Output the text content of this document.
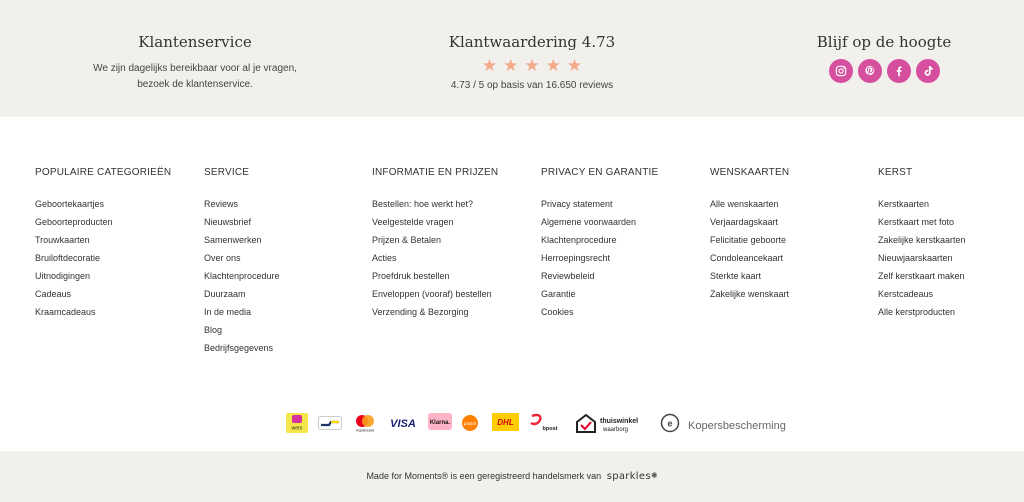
Klantenservice

We zijn dagelijks bereikbaar voor al je vragen,

bezoek de klantenservice.

Klantwaardering 4.73
★ ★ ★ ★ ★

4.73 / 5 op basis van 16.650 reviews

Blijf op de hoogte
POPULAIRE CATEGORIEËN
Geboortekaartjes
Geboorteproducten
Trouwkaarten
Bruiloftdecoratie
Uitnodigingen
Cadeaus
Kraamcadeaus
SERVICE
Reviews
Nieuwsbrief
Samenwerken
Over ons
Klachtenprocedure
Duurzaam
In de media
Blog
Bedrijfsgegevens
INFORMATIE EN PRIJZEN
Bestellen: hoe werkt het?
Veelgestelde vragen
Prijzen & Betalen
Acties
Proefdruk bestellen
Enveloppen (vooraf) bestellen
Verzending & Bezorging
PRIVACY EN GARANTIE
Privacy statement
Algemene voorwaarden
Klachtenprocedure
Herroepingsrecht
Reviewbeleid
Garantie
Cookies
WENSKAARTEN
Alle wenskaarten
Verjaardagskaart
Felicitatie geboorte
Condoleancekaart
Sterkte kaart
Zakelijke wenskaart
KERST
Kerstkaarten
Kerstkaart met foto
Zakelijke kerstkaarten
Nieuwjaarskaarten
Zelf kerstkaart maken
Kerstcadeaus
Alle kerstproducten
wero	mastercard
VISA Klarna.	postnl	DHL
bpost
thuiswinkel
waarborg
e Kopersbescherming

Made for Moments® is een geregistreerd handelsmerk van sparkles✺
